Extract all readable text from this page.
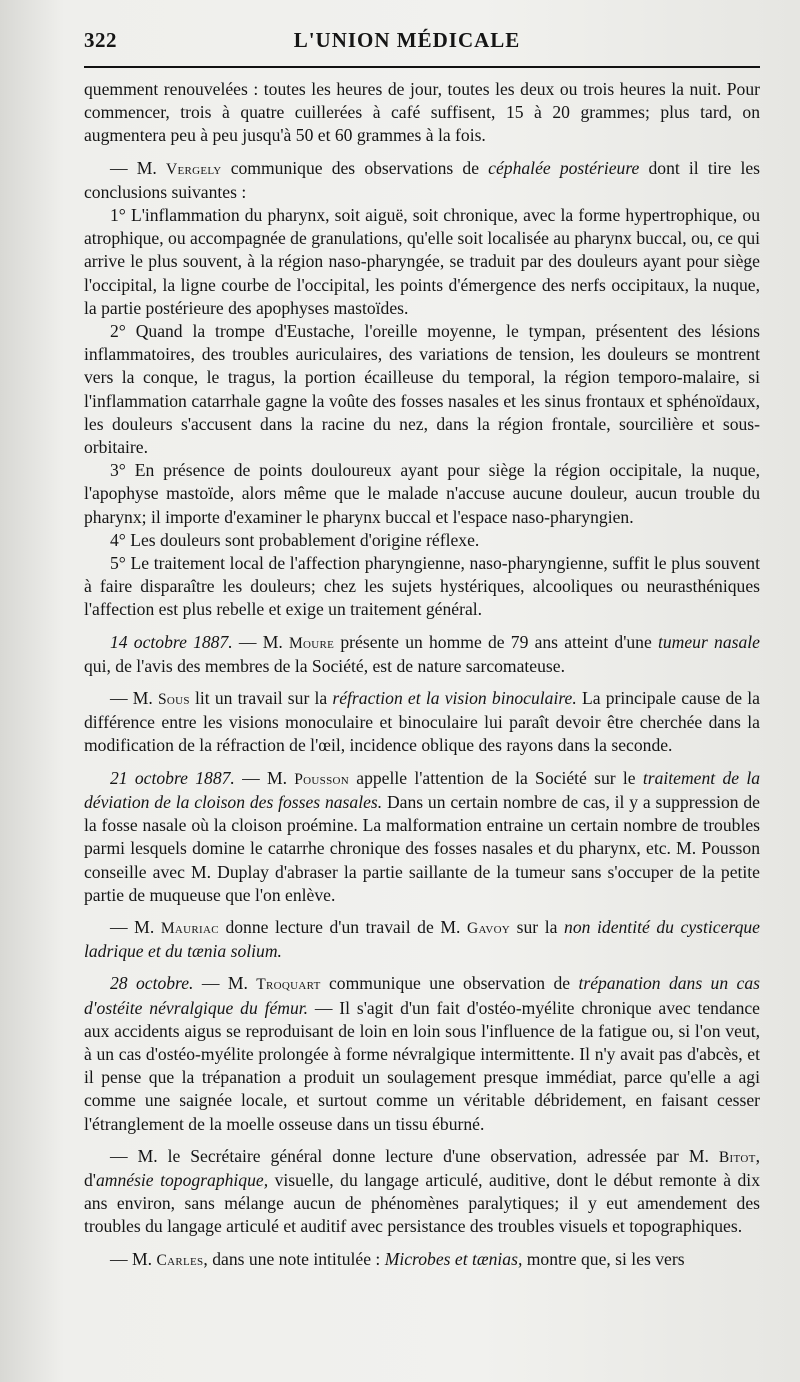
322	L'UNION MÉDICALE

quemment renouvelées : toutes les heures de jour, toutes les deux ou trois heures la nuit. Pour commencer, trois à quatre cuillerées à café suffisent, 15 à 20 grammes; plus tard, on augmentera peu à peu jusqu'à 50 et 60 grammes à la fois.

— M. Vergely communique des observations de céphalée postérieure dont il tire les conclusions suivantes :

1° L'inflammation du pharynx, soit aiguë, soit chronique, avec la forme hypertrophique, ou atrophique, ou accompagnée de granulations, qu'elle soit localisée au pharynx buccal, ou, ce qui arrive le plus souvent, à la région naso-pharyngée, se traduit par des douleurs ayant pour siège l'occipital, la ligne courbe de l'occipital, les points d'émergence des nerfs occipitaux, la nuque, la partie postérieure des apophyses mastoïdes.

2° Quand la trompe d'Eustache, l'oreille moyenne, le tympan, présentent des lésions inflammatoires, des troubles auriculaires, des variations de tension, les douleurs se montrent vers la conque, le tragus, la portion écailleuse du temporal, la région temporo-malaire, si l'inflammation catarrhale gagne la voûte des fosses nasales et les sinus frontaux et sphénoïdaux, les douleurs s'accusent dans la racine du nez, dans la région frontale, sourcilière et sous-orbitaire.

3° En présence de points douloureux ayant pour siège la région occipitale, la nuque, l'apophyse mastoïde, alors même que le malade n'accuse aucune douleur, aucun trouble du pharynx; il importe d'examiner le pharynx buccal et l'espace naso-pharyngien.

4° Les douleurs sont probablement d'origine réflexe.

5° Le traitement local de l'affection pharyngienne, naso-pharyngienne, suffit le plus souvent à faire disparaître les douleurs; chez les sujets hystériques, alcooliques ou neurasthéniques l'affection est plus rebelle et exige un traitement général.

14 octobre 1887. — M. Moure présente un homme de 79 ans atteint d'une tumeur nasale qui, de l'avis des membres de la Société, est de nature sarcomateuse.

— M. Sous lit un travail sur la réfraction et la vision binoculaire. La principale cause de la différence entre les visions monoculaire et binoculaire lui paraît devoir être cherchée dans la modification de la réfraction de l'œil, incidence oblique des rayons dans la seconde.

21 octobre 1887. — M. Pousson appelle l'attention de la Société sur le traitement de la déviation de la cloison des fosses nasales. Dans un certain nombre de cas, il y a suppression de la fosse nasale où la cloison proémine. La malformation entraine un certain nombre de troubles parmi lesquels domine le catarrhe chronique des fosses nasales et du pharynx, etc. M. Pousson conseille avec M. Duplay d'abraser la partie saillante de la tumeur sans s'occuper de la petite partie de muqueuse que l'on enlève.

— M. Mauriac donne lecture d'un travail de M. Gavoy sur la non identité du cysticerque ladrique et du tænia solium.

28 octobre. — M. Troquart communique une observation de trépanation dans un cas d'ostéite névralgique du fémur. — Il s'agit d'un fait d'ostéo-myélite chronique avec tendance aux accidents aigus se reproduisant de loin en loin sous l'influence de la fatigue ou, si l'on veut, à un cas d'ostéo-myélite prolongée à forme névralgique intermittente. Il n'y avait pas d'abcès, et il pense que la trépanation a produit un soulagement presque immédiat, parce qu'elle a agi comme une saignée locale, et surtout comme un véritable débridement, en faisant cesser l'étranglement de la moelle osseuse dans un tissu éburné.

— M. le Secrétaire général donne lecture d'une observation, adressée par M. Bitot, d'amnésie topographique, visuelle, du langage articulé, auditive, dont le début remonte à dix ans environ, sans mélange aucun de phénomènes paralytiques; il y eut amendement des troubles du langage articulé et auditif avec persistance des troubles visuels et topographiques.

— M. Carles, dans une note intitulée : Microbes et tænias, montre que, si les vers
